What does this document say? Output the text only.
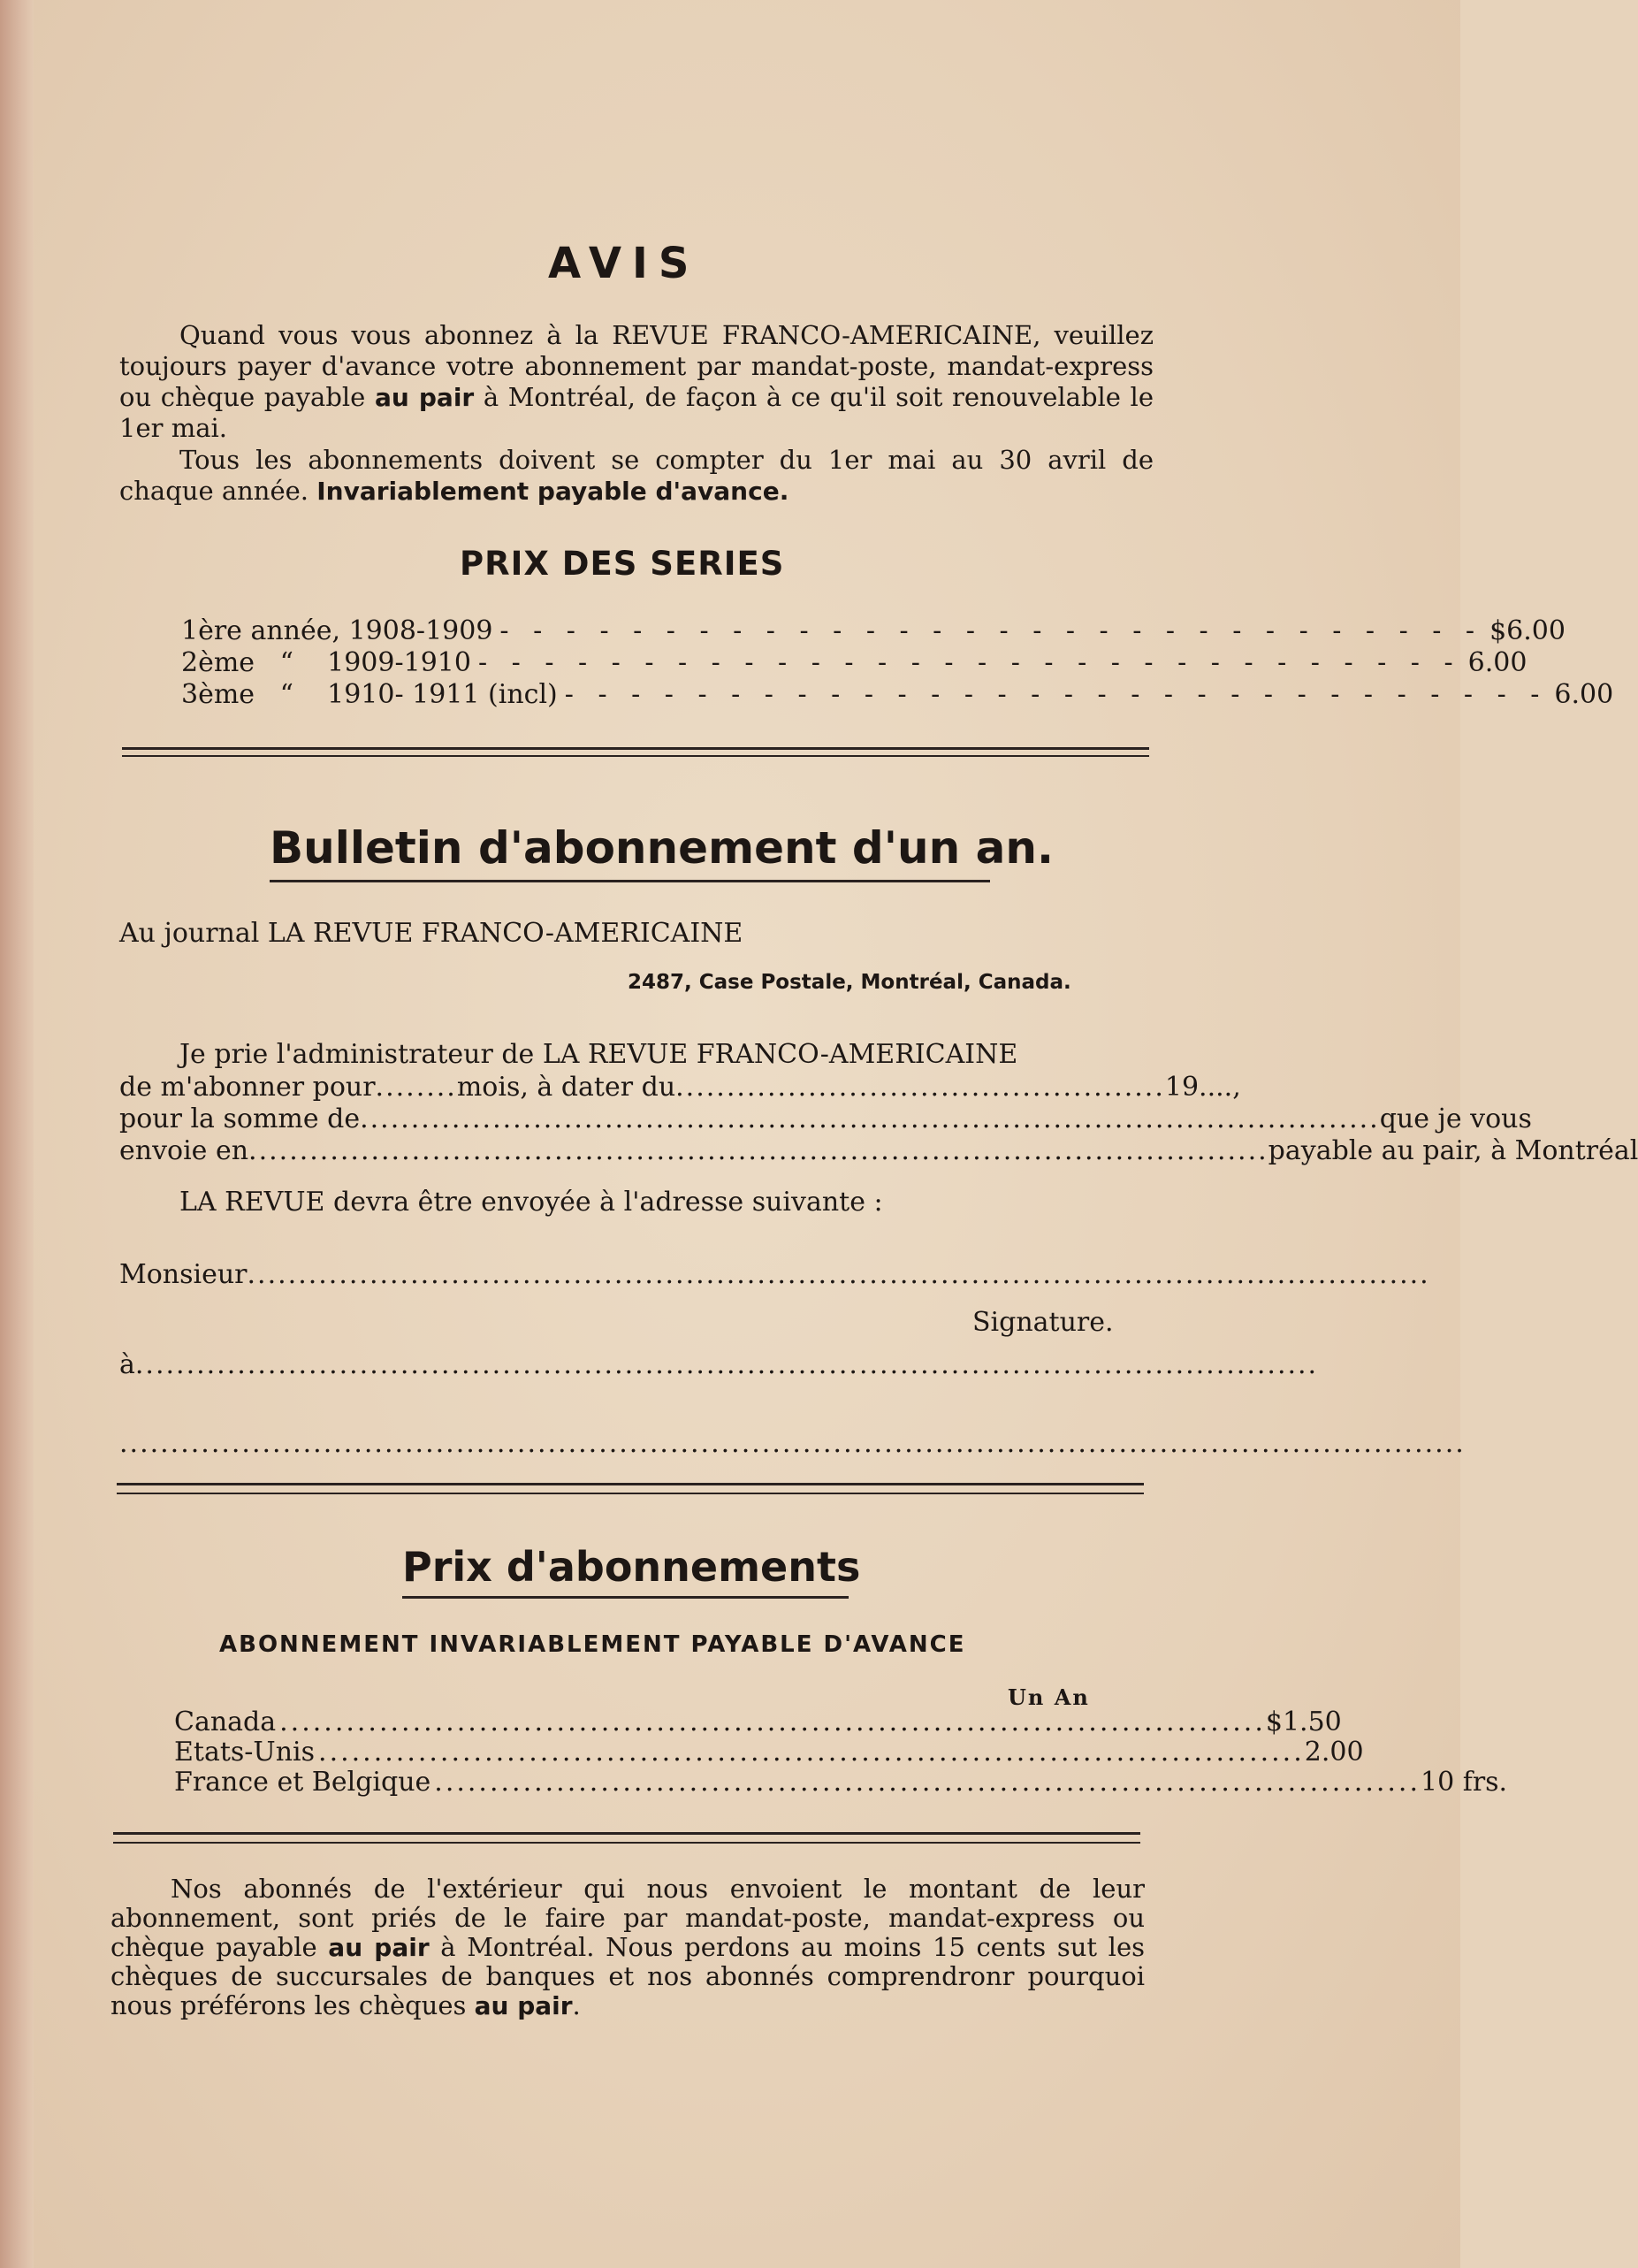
AVIS
Quand vous vous abonnez à la REVUE FRANCO-AMERICAINE, veuillez toujours payer d'avance votre abonnement par mandat-poste, mandat-express ou chèque payable au pair à Montréal, de façon à ce qu'il soit renouvelable le 1er mai.
Tous les abonnements doivent se compter du 1er mai au 30 avril de chaque année. Invariablement payable d'avance.
PRIX DES SERIES
1ère année, 1908-1909 - - - - - - - - - - - - - - - - - - - - - - - - - - - - - - $6.00
2ème   “    1909-1910 - - - - - - - - - - - - - - - - - - - - - - - - - - - - - - 6.00
3ème   “    1910- 1911 (incl) - - - - - - - - - - - - - - - - - - - - - - - - - - - - - - 6.00
Bulletin d'abonnement d'un an.
Au journal LA REVUE FRANCO-AMERICAINE
2487, Case Postale, Montréal, Canada.
Je prie l'administrateur de LA REVUE FRANCO-AMERICAINE
de m'abonner pour ........ mois, à dater du ................................................ 19....,
pour la somme de .................................................................................................... que je vous
envoie en .................................................................................................... payable au pair, à Montréal
LA REVUE devra être envoyée à l'adresse suivante :
Monsieur ....................................................................................................................
Signature.
à ....................................................................................................................
....................................................................................................................................
Prix d'abonnements
ABONNEMENT INVARIABLEMENT PAYABLE D'AVANCE
Un An
Canada ......................................................................................... $1.50
Etats-Unis ......................................................................................... 2.00
France et Belgique ......................................................................................... 10 frs.
Nos abonnés de l'extérieur qui nous envoient le montant de leur abonnement, sont priés de le faire par mandat-poste, mandat-express ou chèque payable au pair à Montréal. Nous perdons au moins 15 cents sut les chèques de succursales de banques et nos abonnés comprendronr pourquoi nous préférons les chèques au pair.
